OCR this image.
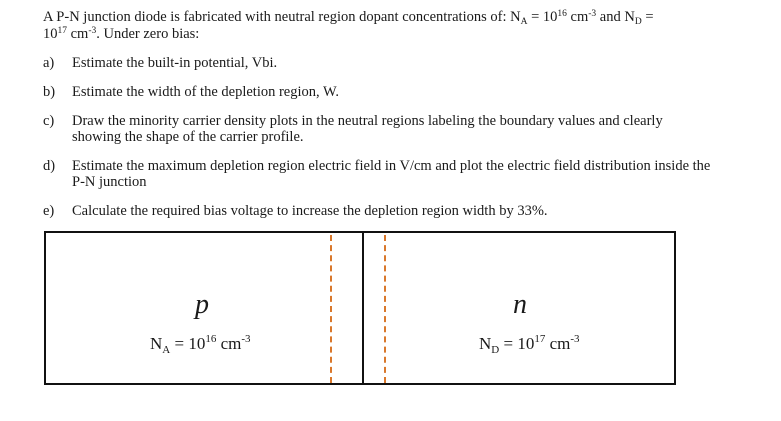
A P-N junction diode is fabricated with neutral region dopant concentrations of: $N_A = 10^{16}$ $cm^{-3}$ and $N_D$ =
$10^{17}$ $cm^{-3}$. Under zero bias:
a) Estimate the built-in potential, Vbi.
b) Estimate the width of the depletion region, W.
c) Draw the minority carrier density plots in the neutral regions labeling the boundary values and clearly showing the shape of the carrier profile.
d) Estimate the maximum depletion region electric field in V/cm and plot the electric field distribution inside the P-N junction
e) Calculate the required bias voltage to increase the depletion region width by 33%.
p
$N_A = 10^{16}$ $cm^{-3}$
n
$N_D = 10^{17}$ $cm^{-3}$
